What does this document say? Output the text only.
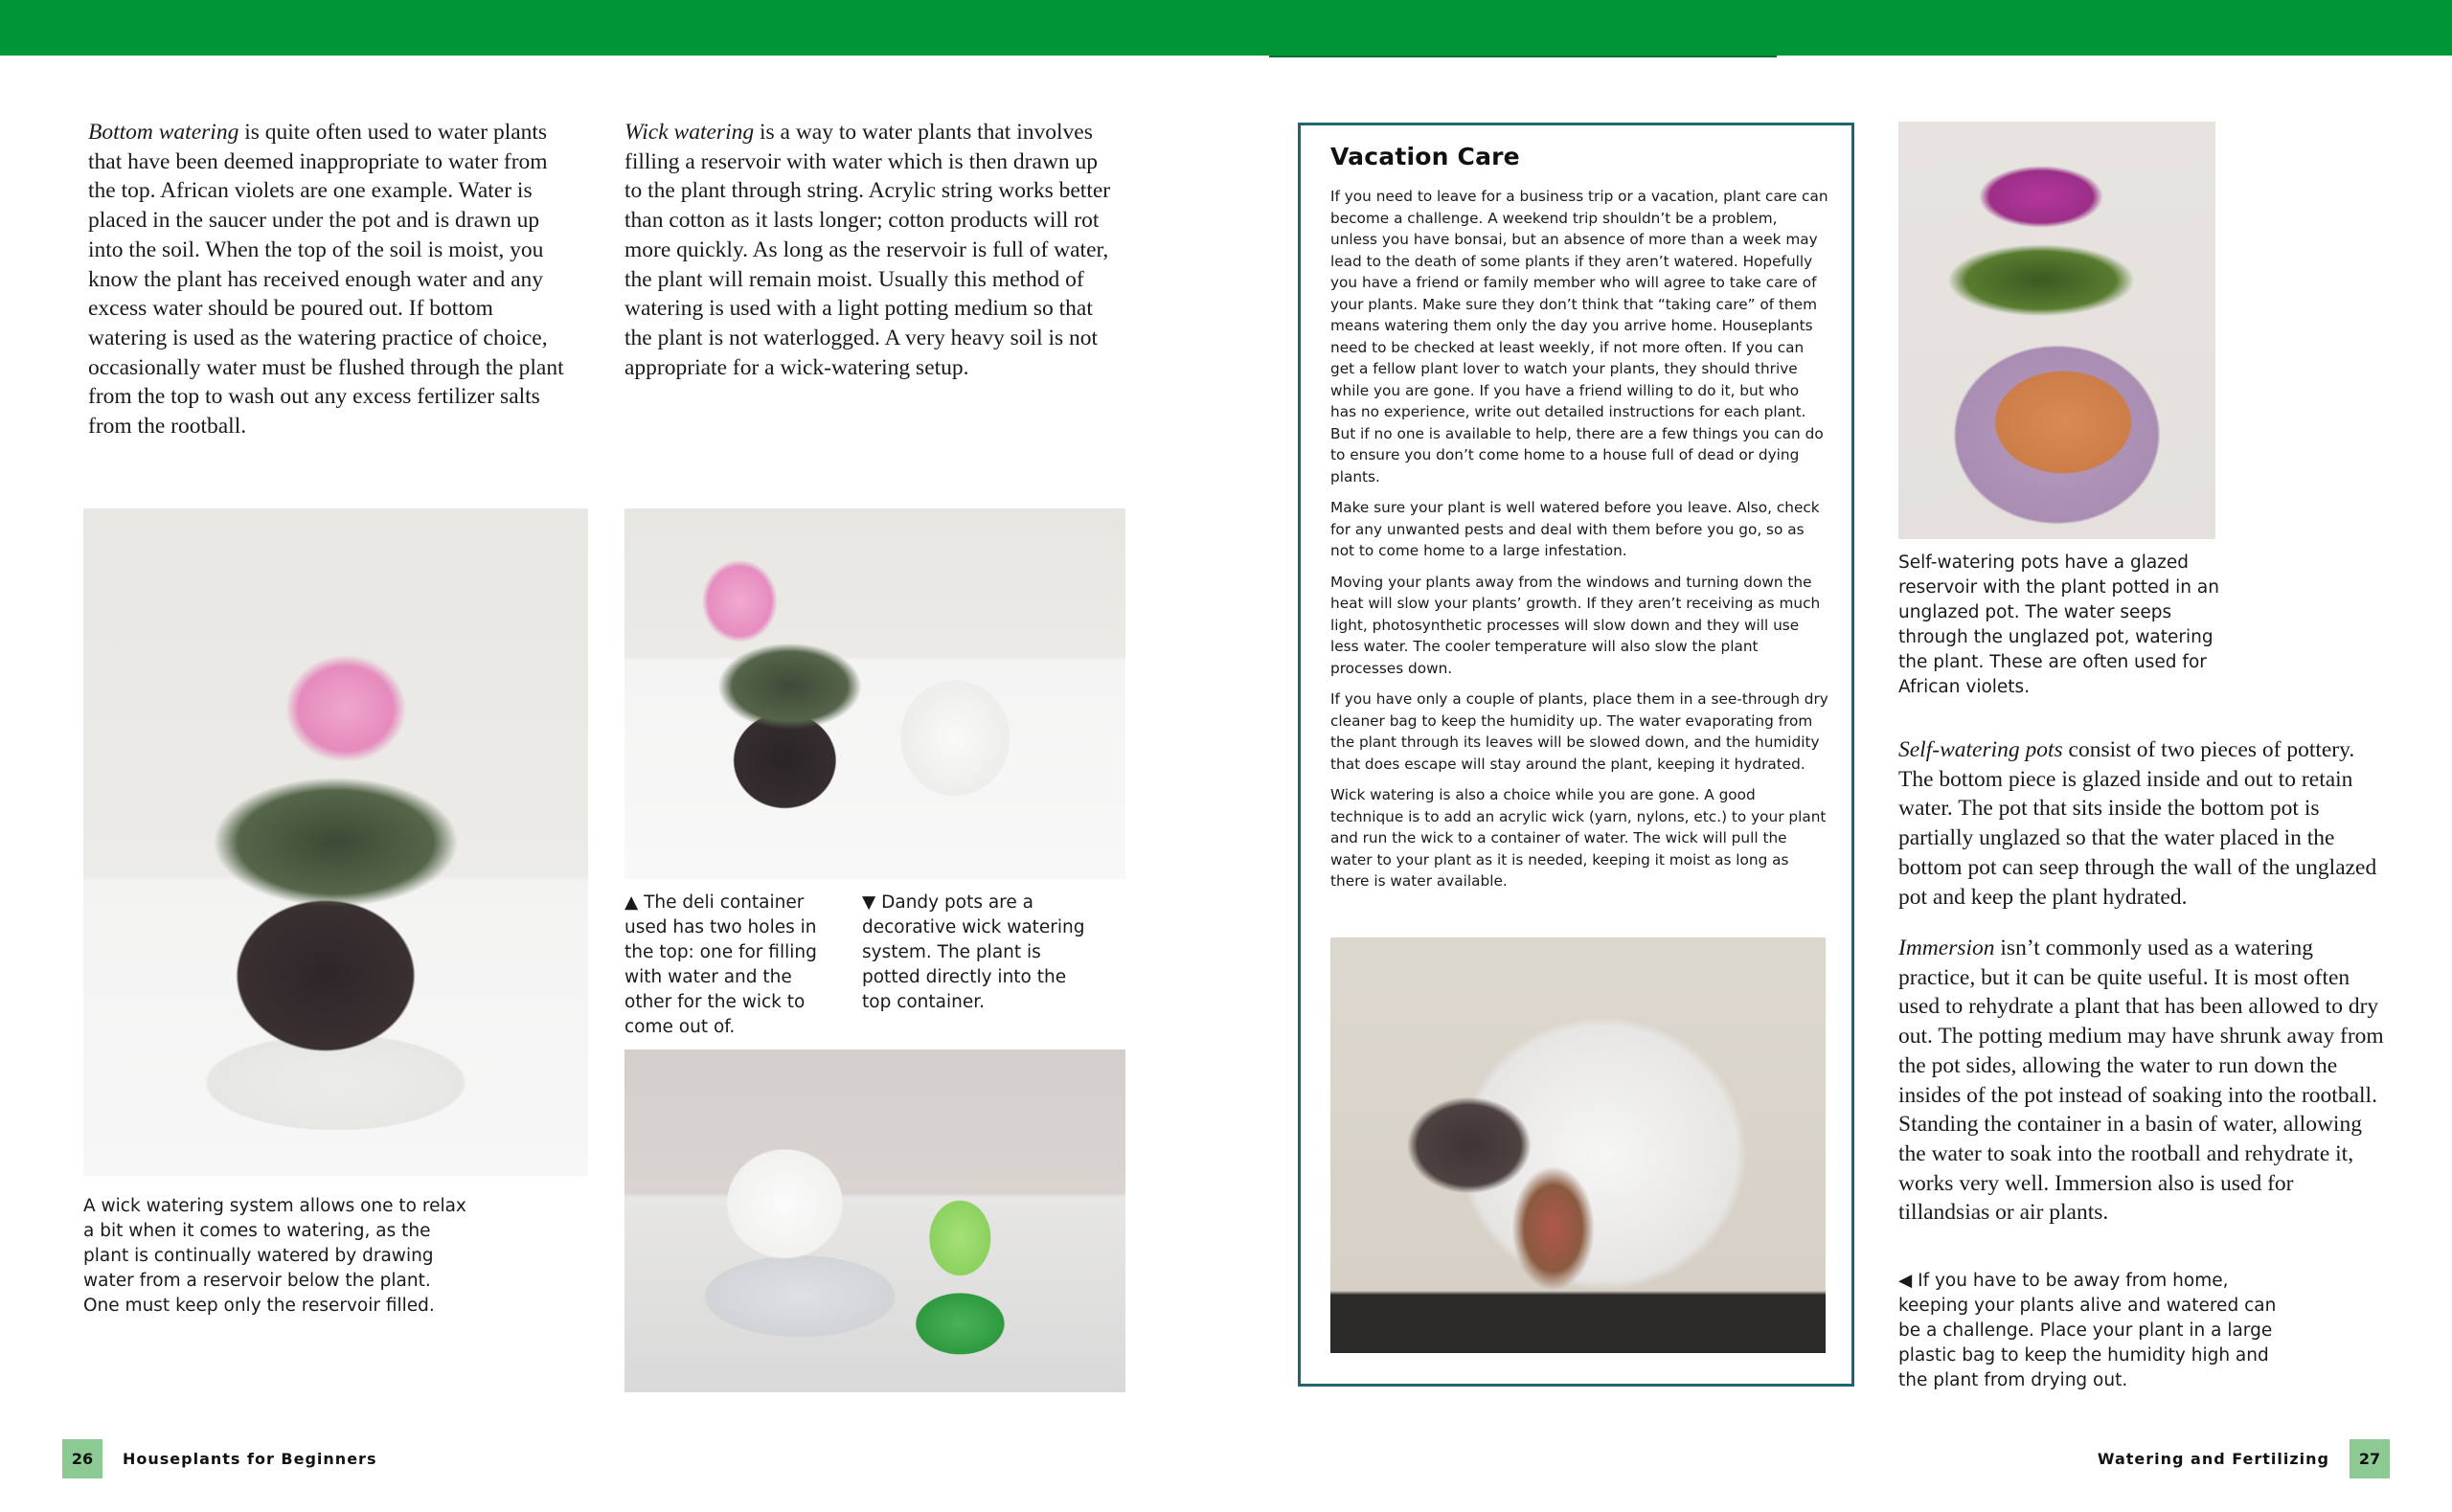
Bottom watering is quite often used to water plants that have been deemed inappropriate to water from the top. African violets are one example. Water is placed in the saucer under the pot and is drawn up into the soil. When the top of the soil is moist, you know the plant has received enough water and any excess water should be poured out. If bottom watering is used as the watering practice of choice, occasionally water must be flushed through the plant from the top to wash out any excess fertilizer salts from the rootball.
Wick watering is a way to water plants that involves filling a reservoir with water which is then drawn up to the plant through string. Acrylic string works better than cotton as it lasts longer; cotton products will rot more quickly. As long as the reservoir is full of water, the plant will remain moist. Usually this method of watering is used with a light potting medium so that the plant is not waterlogged. A very heavy soil is not appropriate for a wick-watering setup.
A wick watering system allows one to relax a bit when it comes to watering, as the plant is continually watered by drawing water from a reservoir below the plant. One must keep only the reservoir filled.
▲ The deli container used has two holes in the top: one for filling with water and the other for the wick to come out of.
▼ Dandy pots are a decorative wick watering system. The plant is potted directly into the top container.
26	Houseplants for Beginners
Vacation Care

If you need to leave for a business trip or a vacation, plant care can become a challenge. A weekend trip shouldn’t be a problem, unless you have bonsai, but an absence of more than a week may lead to the death of some plants if they aren’t watered. Hopefully you have a friend or family member who will agree to take care of your plants. Make sure they don’t think that “taking care” of them means watering them only the day you arrive home. Houseplants need to be checked at least weekly, if not more often. If you can get a fellow plant lover to watch your plants, they should thrive while you are gone. If you have a friend willing to do it, but who has no experience, write out detailed instructions for each plant. But if no one is available to help, there are a few things you can do to ensure you don’t come home to a house full of dead or dying plants.

Make sure your plant is well watered before you leave. Also, check for any unwanted pests and deal with them before you go, so as not to come home to a large infestation.

Moving your plants away from the windows and turning down the heat will slow your plants’ growth. If they aren’t receiving as much light, photosynthetic processes will slow down and they will use less water. The cooler temperature will also slow the plant processes down.

If you have only a couple of plants, place them in a see-through dry cleaner bag to keep the humidity up. The water evaporating from the plant through its leaves will be slowed down, and the humidity that does escape will stay around the plant, keeping it hydrated.

Wick watering is also a choice while you are gone. A good technique is to add an acrylic wick (yarn, nylons, etc.) to your plant and run the wick to a container of water. The wick will pull the water to your plant as it is needed, keeping it moist as long as there is water available.

Self-watering pots have a glazed reservoir with the plant potted in an unglazed pot. The water seeps through the unglazed pot, watering the plant. These are often used for African violets.
Self-watering pots consist of two pieces of pottery. The bottom piece is glazed inside and out to retain water. The pot that sits inside the bottom pot is partially unglazed so that the water placed in the bottom pot can seep through the wall of the unglazed pot and keep the plant hydrated.
Immersion isn’t commonly used as a watering practice, but it can be quite useful. It is most often used to rehydrate a plant that has been allowed to dry out. The potting medium may have shrunk away from the pot sides, allowing the water to run down the insides of the pot instead of soaking into the rootball. Standing the container in a basin of water, allowing the water to soak into the rootball and rehydrate it, works very well. Immersion also is used for tillandsias or air plants.
◀ If you have to be away from home, keeping your plants alive and watered can be a challenge. Place your plant in a large plastic bag to keep the humidity high and the plant from drying out.
Watering and Fertilizing	27
